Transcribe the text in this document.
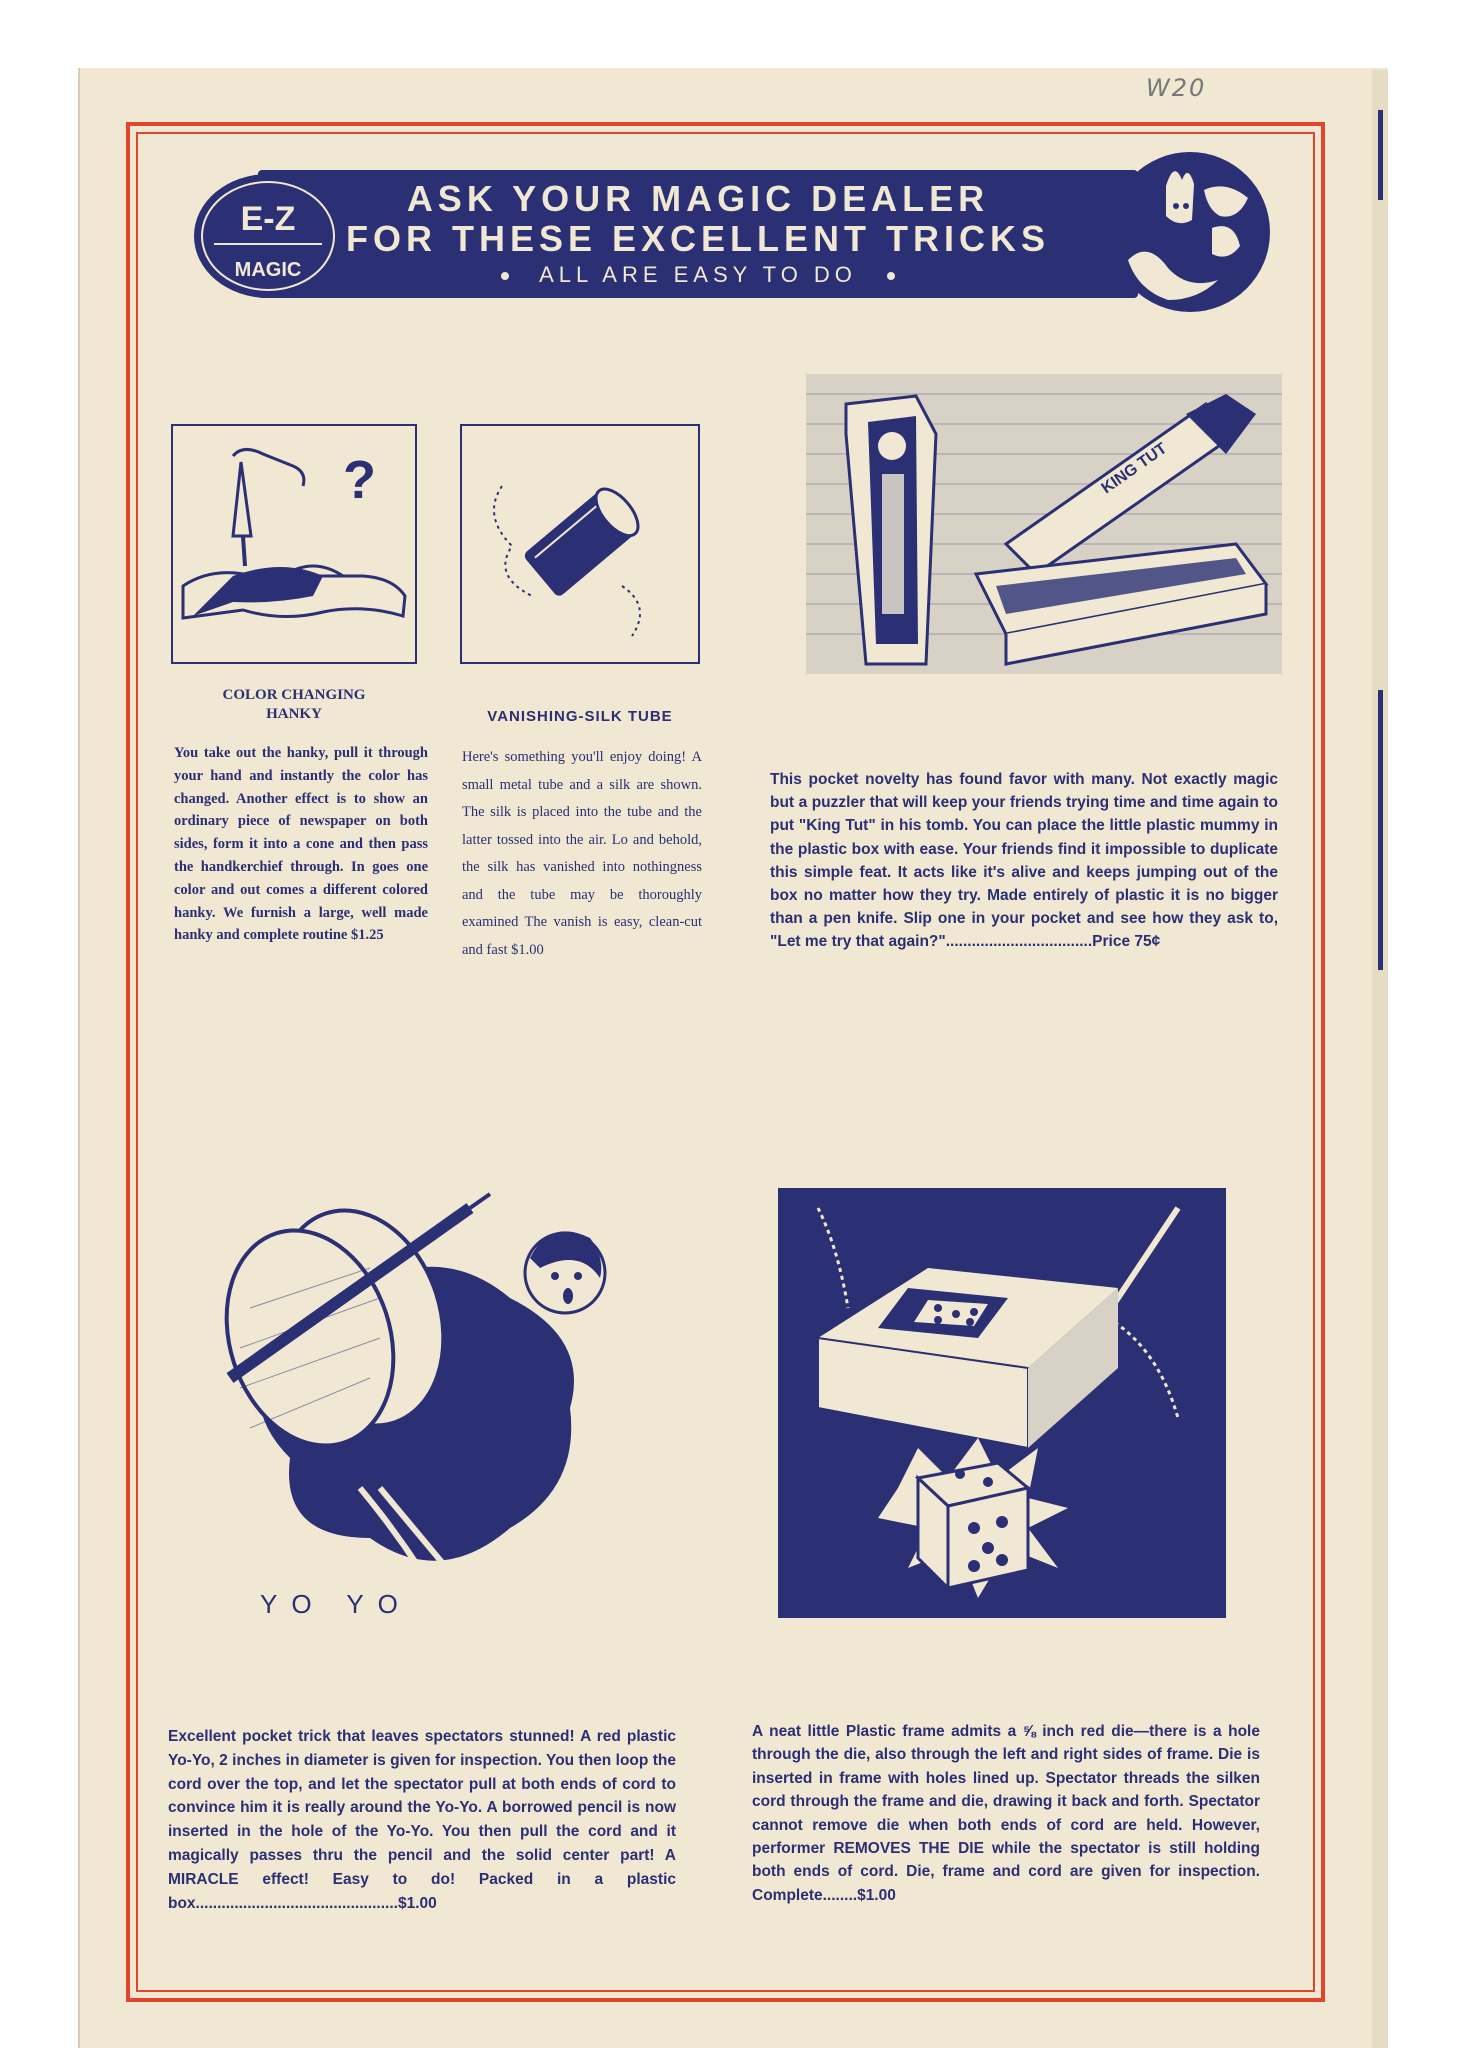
W20
ASK YOUR MAGIC DEALER
FOR THESE EXCELLENT TRICKS
ALL ARE EASY TO DO
E-Z
MAGIC
?	KING TUT
COLOR CHANGING
HANKY
You take out the hanky, pull it through your hand and instantly the color has changed. Another effect is to show an ordinary piece of newspaper on both sides, form it into a cone and then pass the handkerchief through. In goes one color and out comes a different colored hanky. We furnish a large, well made hanky and complete routine $1.25
VANISHING-SILK TUBE
Here's something you'll enjoy doing! A small metal tube and a silk are shown. The silk is placed into the tube and the latter tossed into the air. Lo and behold, the silk has vanished into nothingness and the tube may be thoroughly examined The vanish is easy, clean-cut and fast $1.00
This pocket novelty has found favor with many. Not exactly magic but a puzzler that will keep your friends trying time and time again to put "King Tut" in his tomb. You can place the little plastic mummy in the plastic box with ease. Your friends find it impossible to duplicate this simple feat. It acts like it's alive and keeps jumping out of the box no matter how they try. Made entirely of plastic it is no bigger than a pen knife. Slip one in your pocket and see how they ask to, "Let me try that again?"..................................Price 75¢
YO YO
Excellent pocket trick that leaves spectators stunned! A red plastic Yo-Yo, 2 inches in diameter is given for inspection. You then loop the cord over the top, and let the spectator pull at both ends of cord to convince him it is really around the Yo-Yo. A borrowed pencil is now inserted in the hole of the Yo-Yo. You then pull the cord and it magically passes thru the pencil and the solid center part! A MIRACLE effect! Easy to do! Packed in a plastic box...............................................$1.00
A neat little Plastic frame admits a ⅝ inch red die—there is a hole through the die, also through the left and right sides of frame. Die is inserted in frame with holes lined up. Spectator threads the silken cord through the frame and die, drawing it back and forth. Spectator cannot remove die when both ends of cord are held. However, performer REMOVES THE DIE while the spectator is still holding both ends of cord. Die, frame and cord are given for inspection. Complete........$1.00
